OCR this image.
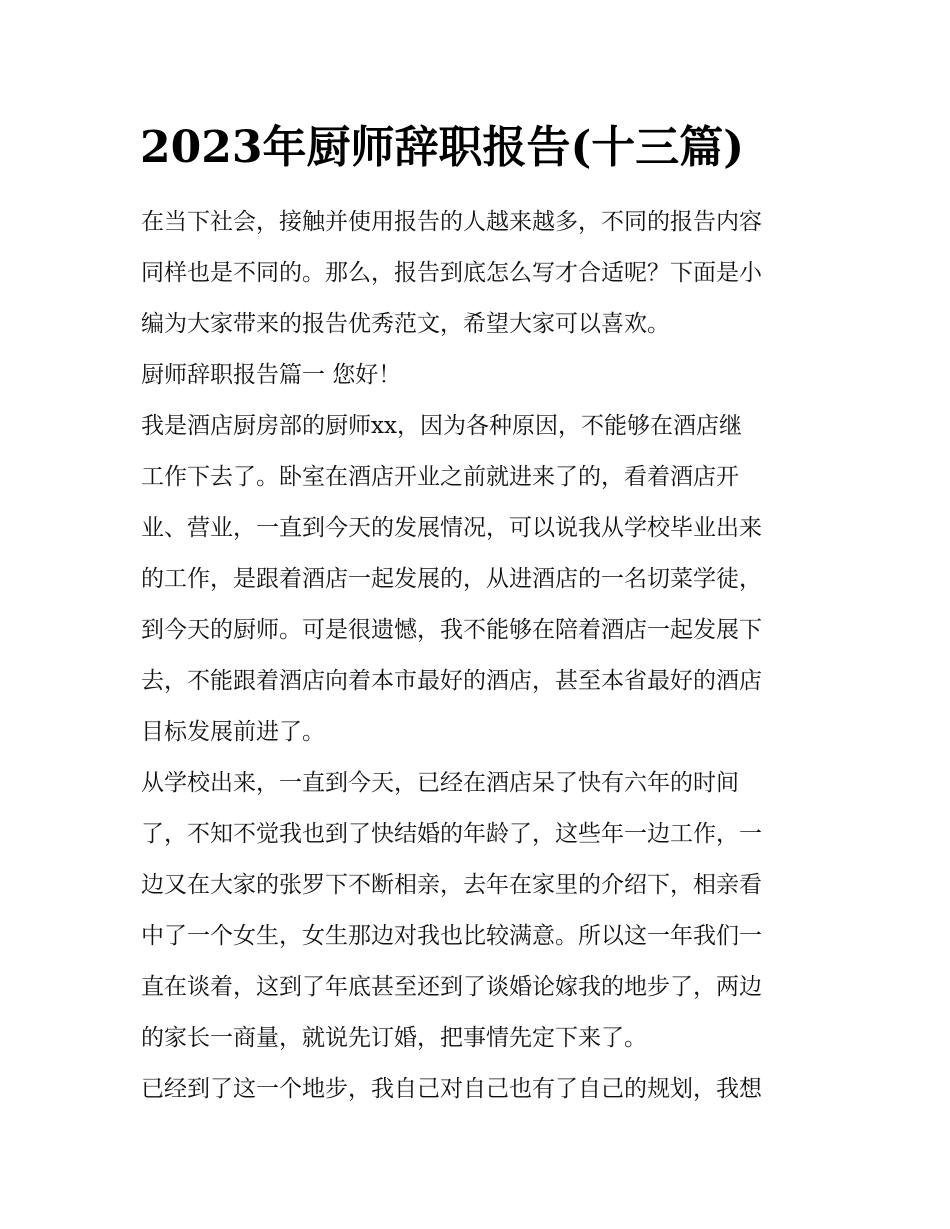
2023年厨师辞职报告(十三篇)
在当下社会，接触并使用报告的人越来越多，不同的报告内容
同样也是不同的。那么，报告到底怎么写才合适呢？下面是小
编为大家带来的报告优秀范文，希望大家可以喜欢。
厨师辞职报告篇一 您好！
我是酒店厨房部的厨师xx，因为各种原因，不能够在酒店继
工作下去了。卧室在酒店开业之前就进来了的，看着酒店开
业、营业，一直到今天的发展情况，可以说我从学校毕业出来
的工作，是跟着酒店一起发展的，从进酒店的一名切菜学徒，
到今天的厨师。可是很遗憾，我不能够在陪着酒店一起发展下
去，不能跟着酒店向着本市最好的酒店，甚至本省最好的酒店
目标发展前进了。
从学校出来，一直到今天，已经在酒店呆了快有六年的时间
了，不知不觉我也到了快结婚的年龄了，这些年一边工作，一
边又在大家的张罗下不断相亲，去年在家里的介绍下，相亲看
中了一个女生，女生那边对我也比较满意。所以这一年我们一
直在谈着，这到了年底甚至还到了谈婚论嫁我的地步了，两边
的家长一商量，就说先订婚，把事情先定下来了。
已经到了这一个地步，我自己对自己也有了自己的规划，我想
